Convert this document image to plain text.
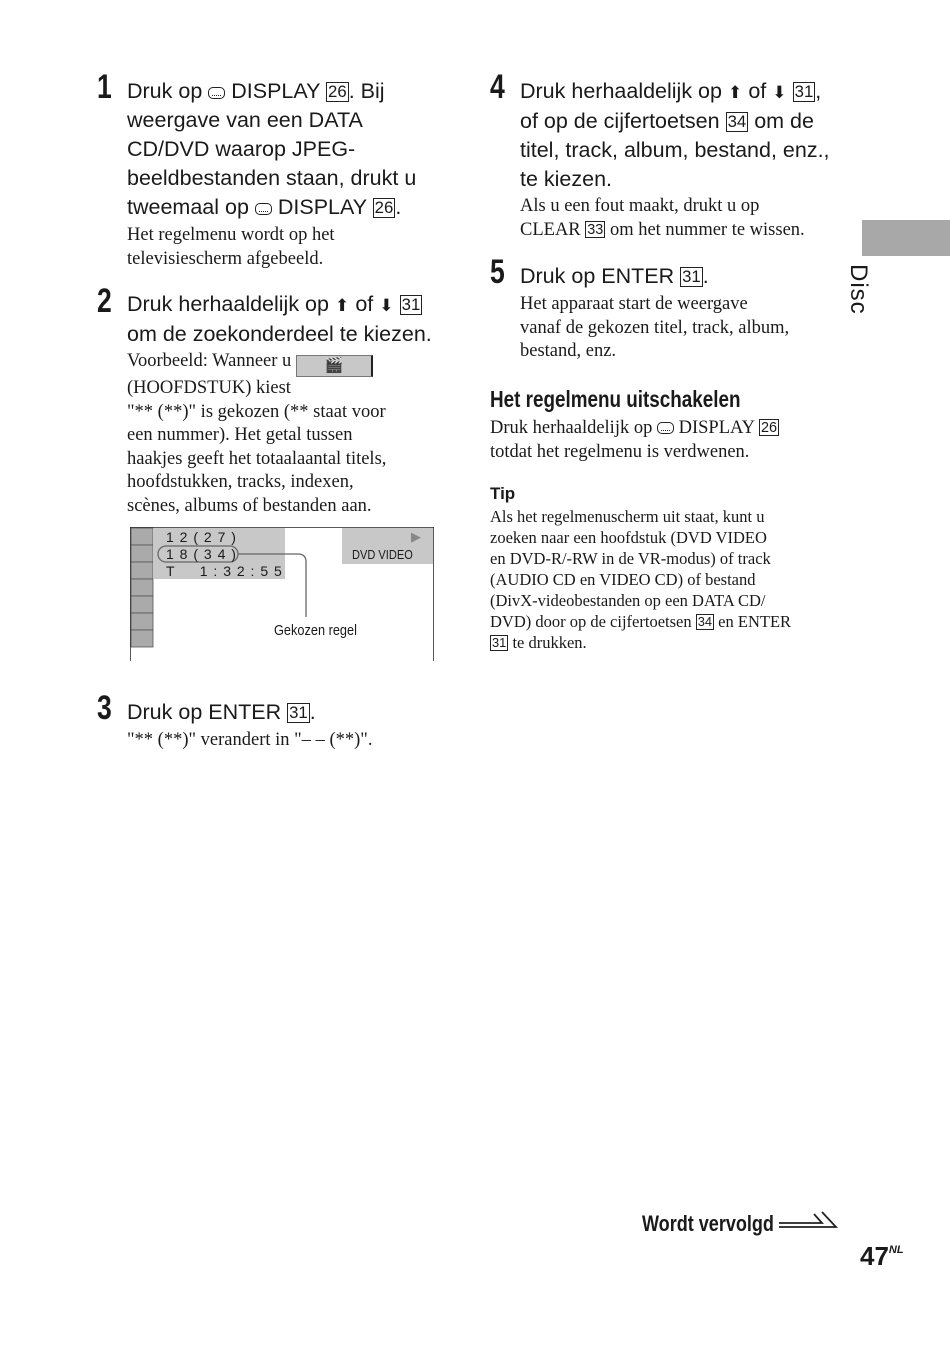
Disc
1 Druk op  DISPLAY 26. Bij
weergave van een DATA
CD/DVD waarop JPEG-
beeldbestanden staan, drukt u
tweemaal op  DISPLAY 26.
Het regelmenu wordt op het
televisiescherm afgebeeld.
2 Druk herhaaldelijk op ⬆ of ⬇ 31
om de zoekonderdeel te kiezen.
Voorbeeld: Wanneer u 🎬
(HOOFDSTUK) kiest
"** (**)" is gekozen (** staat voor
een nummer). Het getal tussen
haakjes geeft het totaalaantal titels,
hoofdstukken, tracks, indexen,
scènes, albums of bestanden aan.
1 2 ( 2 7 )
1 8 ( 3 4 )
T     1 : 3 2 : 5 5
▶
DVD VIDEO
Gekozen regel
3 Druk op ENTER 31.
"** (**)" verandert in "– – (**)".
4 Druk herhaaldelijk op ⬆ of ⬇ 31,
of op de cijfertoetsen 34 om de
titel, track, album, bestand, enz.,
te kiezen.
Als u een fout maakt, drukt u op
CLEAR 33 om het nummer te wissen.
5 Druk op ENTER 31.
Het apparaat start de weergave
vanaf de gekozen titel, track, album,
bestand, enz.
Het regelmenu uitschakelen
Druk herhaaldelijk op  DISPLAY 26
totdat het regelmenu is verdwenen.
Tip
Als het regelmenuscherm uit staat, kunt u
zoeken naar een hoofdstuk (DVD VIDEO
en DVD-R/-RW in de VR-modus) of track
(AUDIO CD en VIDEO CD) of bestand
(DivX-videobestanden op een DATA CD/
DVD) door op de cijfertoetsen 34 en ENTER
31 te drukken.
Wordt vervolgd
$47^{NL}$
